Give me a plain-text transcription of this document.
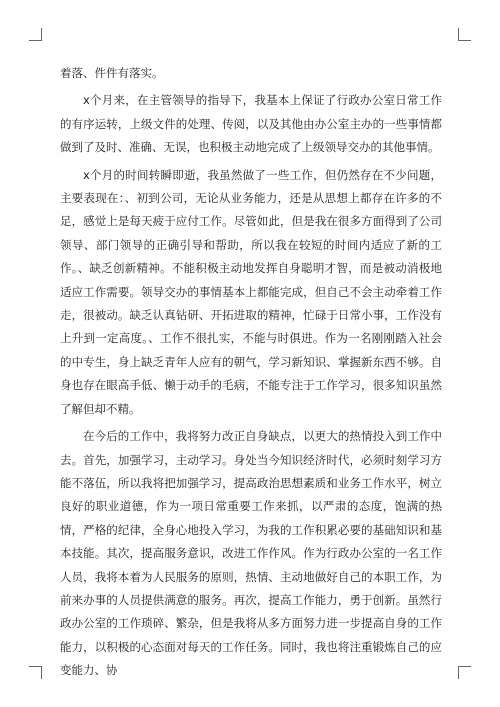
着落、件件有落实。

x个月来，在主管领导的指导下，我基本上保证了行政办公室日常工作的有序运转，上级文件的处理、传阅，以及其他由办公室主办的一些事情都做到了及时、准确、无误，也积极主动地完成了上级领导交办的其他事情。

x个月的时间转瞬即逝，我虽然做了一些工作，但仍然存在不少问题，主要表现在：、初到公司，无论从业务能力，还是从思想上都存在许多的不足，感觉上是每天疲于应付工作。尽管如此，但是我在很多方面得到了公司领导、部门领导的正确引导和帮助，所以我在较短的时间内适应了新的工作。、缺乏创新精神。不能积极主动地发挥自身聪明才智，而是被动消极地适应工作需要。领导交办的事情基本上都能完成，但自己不会主动牵着工作走，很被动。缺乏认真钻研、开拓进取的精神，忙碌于日常小事，工作没有上升到一定高度。、工作不很扎实，不能与时俱进。作为一名刚刚踏入社会的中专生，身上缺乏青年人应有的朝气，学习新知识、掌握新东西不够。自身也存在眼高手低、懒于动手的毛病，不能专注于工作学习，很多知识虽然了解但却不精。

在今后的工作中，我将努力改正自身缺点，以更大的热情投入到工作中去。首先，加强学习，主动学习。身处当今知识经济时代，必须时刻学习方能不落伍，所以我将把加强学习，提高政治思想素质和业务工作水平，树立良好的职业道德，作为一项日常重要工作来抓，以严肃的态度，饱满的热情，严格的纪律，全身心地投入学习，为我的工作积累必要的基础知识和基本技能。其次，提高服务意识，改进工作作风。作为行政办公室的一名工作人员，我将本着为人民服务的原则，热情、主动地做好自己的本职工作，为前来办事的人员提供满意的服务。再次，提高工作能力，勇于创新。虽然行政办公室的工作琐碎、繁杂，但是我将从多方面努力进一步提高自身的工作能力，以积极的心态面对每天的工作任务。同时，我也将注重锻炼自己的应变能力、协
